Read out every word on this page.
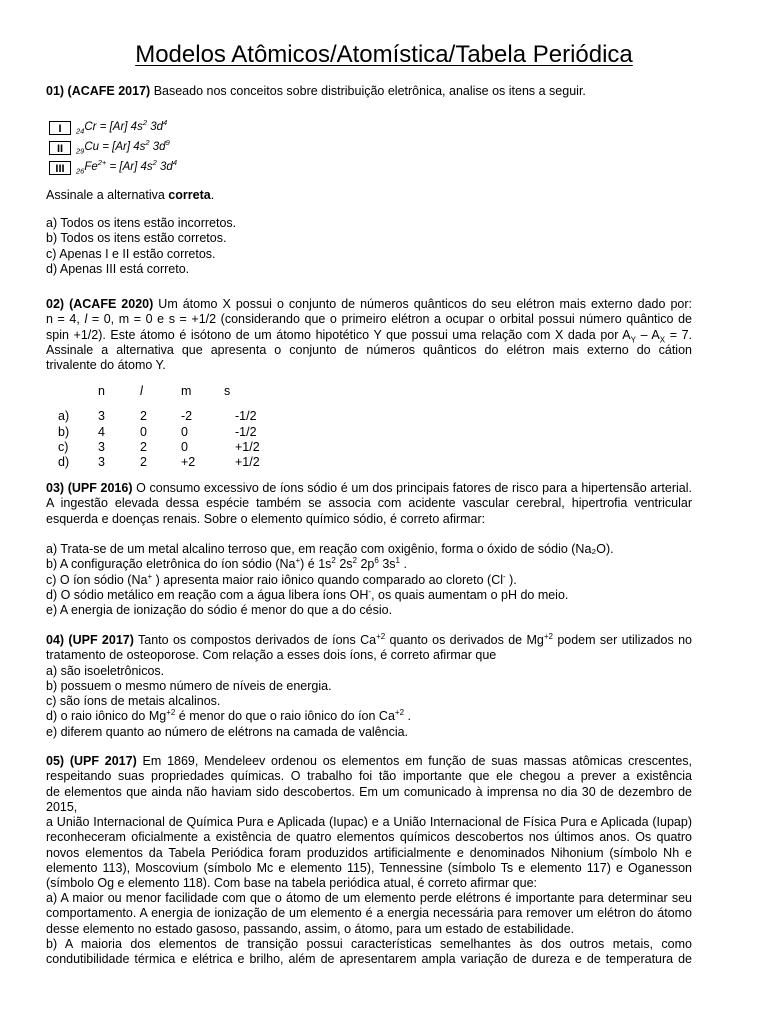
Modelos Atômicos/Atomística/Tabela Periódica
01) (ACAFE 2017) Baseado nos conceitos sobre distribuição eletrônica, analise os itens a seguir.
I	$_{24}$Cr = [Ar] $4s^2$ $3d^4$
II	$_{29}$Cu = [Ar] $4s^2$ $3d^9$
III	$_{26}Fe^{2+} = [Ar]$ $4s^2$ $3d^4$
Assinale a alternativa correta.
a) Todos os itens estão incorretos.
b) Todos os itens estão corretos.
c) Apenas I e II estão corretos.
d) Apenas III está correto.
02) (ACAFE 2020) Um átomo X possui o conjunto de números quânticos do seu elétron mais externo dado por:
n = 4, l = 0, m = 0 e s = +1/2 (considerando que o primeiro elétron a ocupar o orbital possui número quântico de
spin +1/2). Este átomo é isótono de um átomo hipotético Y que possui uma relação com X dada por $A_Y - A_X = 7$.
Assinale a alternativa que apresenta o conjunto de números quânticos do elétron mais externo do cátion
trivalente do átomo Y.
n	l	m	s
a) 3	2	-2	-1/2
b) 4	0	0	-1/2
c) 3	2	0	+1/2
d) 3	2	+2	+1/2
03) (UPF 2016) O consumo excessivo de íons sódio é um dos principais fatores de risco para a hipertensão arterial.
A ingestão elevada dessa espécie também se associa com acidente vascular cerebral, hipertrofia ventricular
esquerda e doenças renais. Sobre o elemento químico sódio, é correto afirmar:
a) Trata-se de um metal alcalino terroso que, em reação com oxigênio, forma o óxido de sódio (Na₂O).
b) A configuração eletrônica do íon sódio (Na+) é $1s^2$ $2s^2$ $2p^6$ $3s^1$ .
c) O íon sódio (Na+ ) apresenta maior raio iônico quando comparado ao cloreto (Cl- ).
d) O sódio metálico em reação com a água libera íons OH-, os quais aumentam o pH do meio.
e) A energia de ionização do sódio é menor do que a do césio.
04) (UPF 2017) Tanto os compostos derivados de íons $Ca^{+2}$ quanto os derivados de $Mg^{+2}$ podem ser utilizados no
tratamento de osteoporose. Com relação a esses dois íons, é correto afirmar que
a) são isoeletrônicos.
b) possuem o mesmo número de níveis de energia.
c) são íons de metais alcalinos.
d) o raio iônico do $Mg^{+2}$ é menor do que o raio iônico do íon $Ca^{+2}$ .
e) diferem quanto ao número de elétrons na camada de valência.
05) (UPF 2017) Em 1869, Mendeleev ordenou os elementos em função de suas massas atômicas crescentes,
respeitando suas propriedades químicas. O trabalho foi tão importante que ele chegou a prever a existência
de elementos que ainda não haviam sido descobertos. Em um comunicado à imprensa no dia 30 de dezembro de 2015,
a União Internacional de Química Pura e Aplicada (Iupac) e a União Internacional de Física Pura e Aplicada (Iupap)
reconheceram oficialmente a existência de quatro elementos químicos descobertos nos últimos anos. Os quatro
novos elementos da Tabela Periódica foram produzidos artificialmente e denominados Nihonium (símbolo Nh e
elemento 113), Moscovium (símbolo Mc e elemento 115), Tennessine (símbolo Ts e elemento 117) e Oganesson
(símbolo Og e elemento 118). Com base na tabela periódica atual, é correto afirmar que:
a) A maior ou menor facilidade com que o átomo de um elemento perde elétrons é importante para determinar seu
comportamento. A energia de ionização de um elemento é a energia necessária para remover um elétron do átomo
desse elemento no estado gasoso, passando, assim, o átomo, para um estado de estabilidade.
b) A maioria dos elementos de transição possui características semelhantes às dos outros metais, como
condutibilidade térmica e elétrica e brilho, além de apresentarem ampla variação de dureza e de temperatura de
